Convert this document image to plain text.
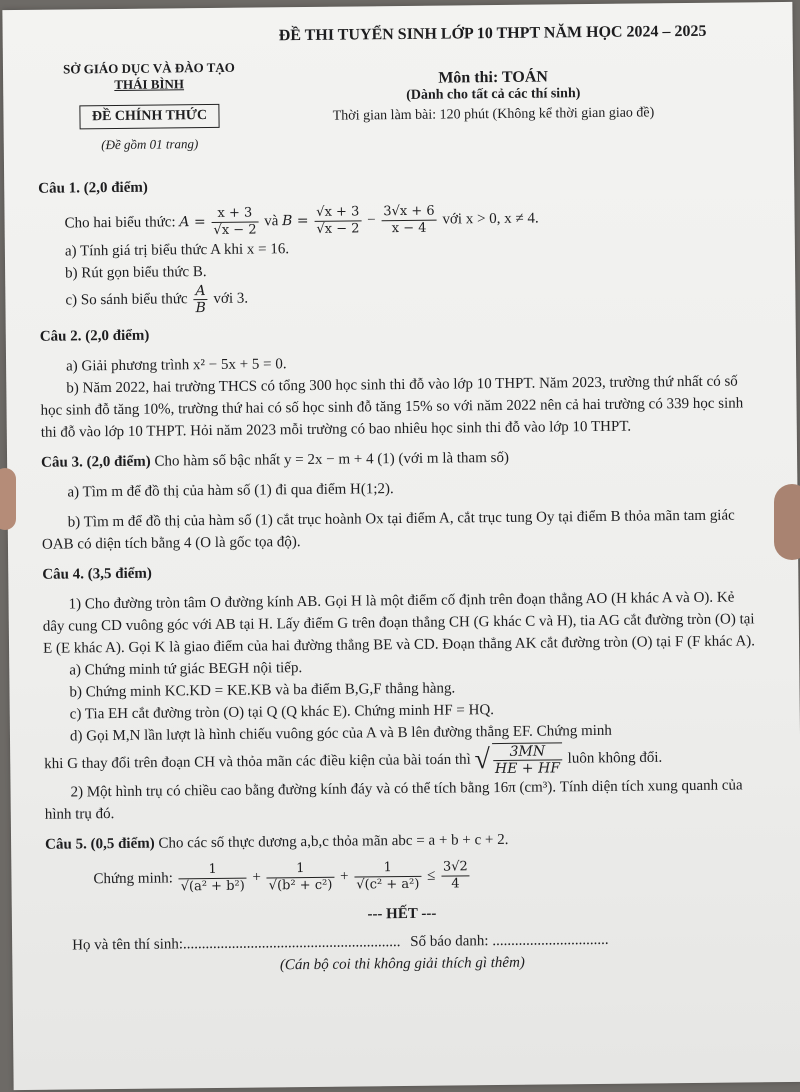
SỞ GIÁO DỤC VÀ ĐÀO TẠO
THÁI BÌNH
ĐỀ CHÍNH THỨC
(Đề gồm 01 trang)
ĐỀ THI TUYỂN SINH LỚP 10 THPT NĂM HỌC 2024 – 2025
Môn thi: TOÁN
(Dành cho tất cả các thí sinh)
Thời gian làm bài: 120 phút (Không kể thời gian giao đề)

Câu 1. (2,0 điểm)

Cho hai biểu thức: $A = \frac{x + 3}{√x - 2}$ và $B = \frac{√x + 3}{√x - 2} - \frac{3√x + 6}{x - 4}$ với x > 0, x ≠ 4.

a) Tính giá trị biểu thức A khi x = 16.

b) Rút gọn biểu thức B.

c) So sánh biểu thức $\frac{A}{B}$ với 3.

Câu 2. (2,0 điểm)

a) Giải phương trình x² − 5x + 5 = 0.

b) Năm 2022, hai trường THCS có tổng 300 học sinh thi đỗ vào lớp 10 THPT. Năm 2023, trường thứ nhất có số học sinh đỗ tăng 10%, trường thứ hai có số học sinh đỗ tăng 15% so với năm 2022 nên cả hai trường có 339 học sinh thi đỗ vào lớp 10 THPT. Hỏi năm 2023 mỗi trường có bao nhiêu học sinh thi đỗ vào lớp 10 THPT.

Câu 3. (2,0 điểm) Cho hàm số bậc nhất y = 2x − m + 4 (1) (với m là tham số)

a) Tìm m để đồ thị của hàm số (1) đi qua điểm H(1;2).

b) Tìm m để đồ thị của hàm số (1) cắt trục hoành Ox tại điểm A, cắt trục tung Oy tại điểm B thỏa mãn tam giác OAB có diện tích bằng 4 (O là gốc tọa độ).

Câu 4. (3,5 điểm)

1) Cho đường tròn tâm O đường kính AB. Gọi H là một điểm cố định trên đoạn thẳng AO (H khác A và O). Kẻ dây cung CD vuông góc với AB tại H. Lấy điểm G trên đoạn thẳng CH (G khác C và H), tia AG cắt đường tròn (O) tại E (E khác A). Gọi K là giao điểm của hai đường thẳng BE và CD. Đoạn thẳng AK cắt đường tròn (O) tại F (F khác A).

a) Chứng minh tứ giác BEGH nội tiếp.

b) Chứng minh KC.KD = KE.KB và ba điểm B,G,F thẳng hàng.

c) Tia EH cắt đường tròn (O) tại Q (Q khác E). Chứng minh HF = HQ.

d) Gọi M,N lần lượt là hình chiếu vuông góc của A và B lên đường thẳng EF. Chứng minh

khi G thay đổi trên đoạn CH và thỏa mãn các điều kiện của bài toán thì √ $\frac{3MN}{HE + HF}$ luôn không đổi.

2) Một hình trụ có chiều cao bằng đường kính đáy và có thể tích bằng 16π (cm³). Tính diện tích xung quanh của hình trụ đó.

Câu 5. (0,5 điểm) Cho các số thực dương a,b,c thỏa mãn abc = a + b + c + 2.

Chứng minh: $\frac{1}{\text{√(a² + b²)}} + \frac{1}{\text{√(b² + c²)}} + \frac{1}{\text{√(c² + a²)}} \le \frac{3√2}{4}$

--- HẾT ---

Họ và tên thí sinh:.......................................................... Số báo danh: ...............................

(Cán bộ coi thi không giải thích gì thêm)
